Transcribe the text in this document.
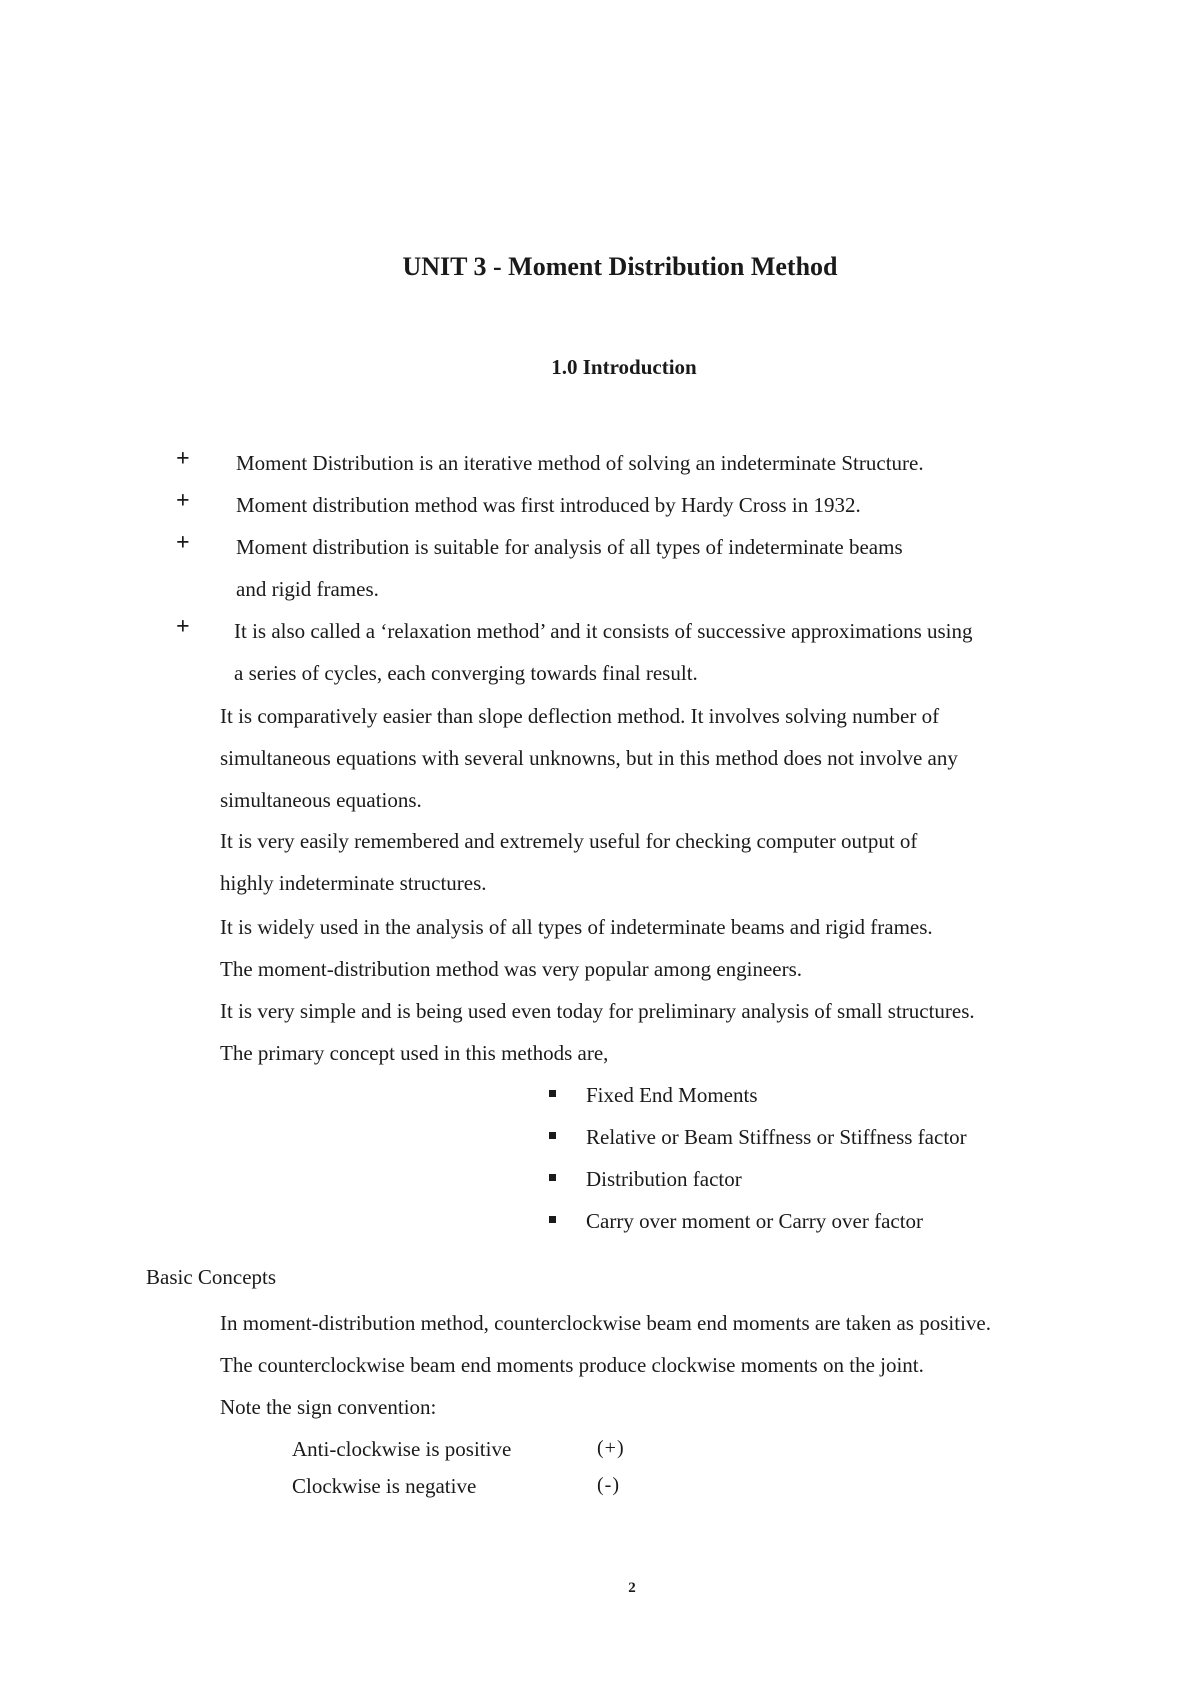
UNIT 3 - Moment Distribution Method
1.0 Introduction
+ Moment Distribution is an iterative method of solving an indeterminate Structure.
+ Moment distribution method was first introduced by Hardy Cross in 1932.
+ Moment distribution is suitable for analysis of all types of indeterminate beams
and rigid frames.
+ It is also called a ‘relaxation method’ and it consists of successive approximations using
a series of cycles, each converging towards final result.
It is comparatively easier than slope deflection method. It involves solving number of
simultaneous equations with several unknowns, but in this method does not involve any
simultaneous equations.
It is very easily remembered and extremely useful for checking computer output of
highly indeterminate structures.
It is widely used in the analysis of all types of indeterminate beams and rigid frames.
The moment-distribution method was very popular among engineers.
It is very simple and is being used even today for preliminary analysis of small structures.
The primary concept used in this methods are,
Fixed End Moments
Relative or Beam Stiffness or Stiffness factor
Distribution factor
Carry over moment or Carry over factor
Basic Concepts
In moment-distribution method, counterclockwise beam end moments are taken as positive.
The counterclockwise beam end moments produce clockwise moments on the joint.
Note the sign convention:
Anti-clockwise is positive	(+)
Clockwise is negative	(-)
2
